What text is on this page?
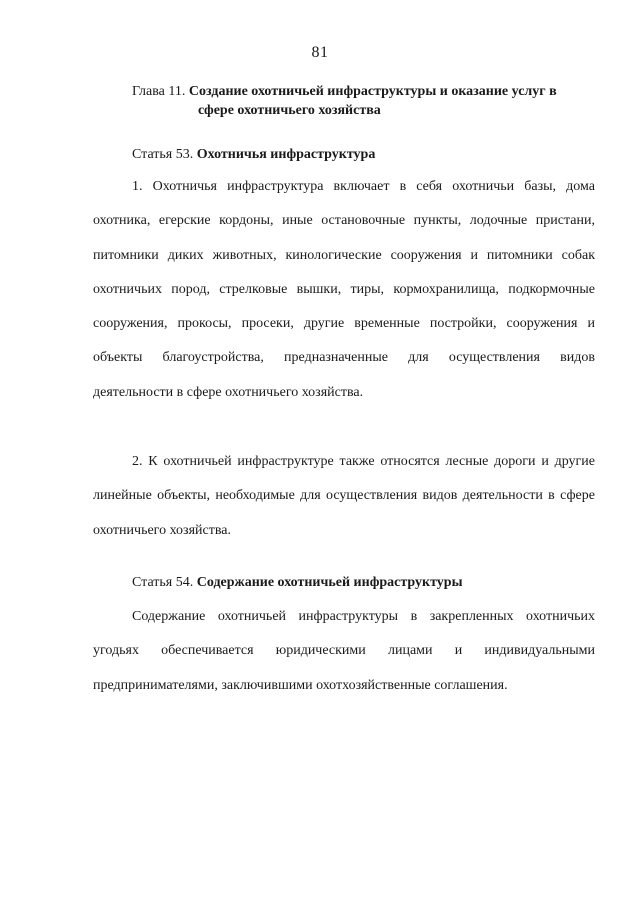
81
Глава 11. Создание охотничьей инфраструктуры и оказание услуг в
сфере охотничьего хозяйства
Статья 53. Охотничья инфраструктура

1. Охотничья инфраструктура включает в себя охотничьи базы, дома охотника, егерские кордоны, иные остановочные пункты, лодочные пристани, питомники диких животных, кинологические сооружения и питомники собак охотничьих пород, стрелковые вышки, тиры, кормохранилища, подкормочные сооружения, прокосы, просеки, другие временные постройки, сооружения и объекты благоустройства, предназначенные для осуществления видов деятельности в сфере охотничьего хозяйства.

2. К охотничьей инфраструктуре также относятся лесные дороги и другие линейные объекты, необходимые для осуществления видов деятельности в сфере охотничьего хозяйства.

Статья 54. Содержание охотничьей инфраструктуры

Содержание охотничьей инфраструктуры в закрепленных охотничьих угодьях обеспечивается юридическими лицами и индивидуальными предпринимателями, заключившими охотхозяйственные соглашения.
